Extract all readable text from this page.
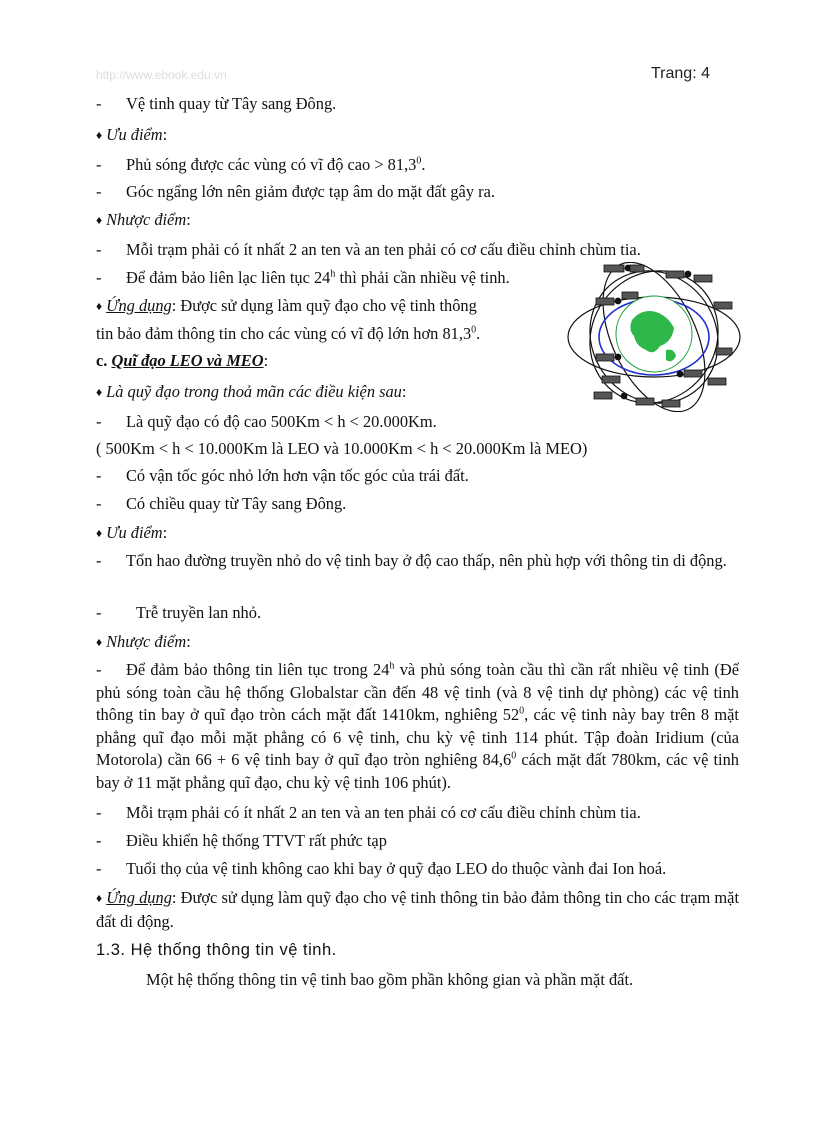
http://www.ebook.edu.vn	Trang: 4
- Vệ tinh quay từ Tây sang Đông.
♦ Ưu điểm:
- Phủ sóng được các vùng có vĩ độ cao > $81,3^0$.
- Góc ngẩng lớn nên giảm được tạp âm do mặt đất gây ra.
♦ Nhược điểm:
- Mỗi trạm phải có ít nhất 2 an ten và an ten phải có cơ cấu điều chỉnh chùm tia.
- Để đảm bảo liên lạc liên tục 24$^h$ thì phải cần nhiều vệ tinh.
♦ Ứng dụng: Được sử dụng làm quỹ đạo cho vệ tinh thông
tin bảo đảm thông tin cho các vùng có vĩ độ lớn hơn 81,3$^0$.
c. Quĩ đạo LEO và MEO:
♦ Là quỹ đạo trong thoả mãn các điều kiện sau:
- Là quỹ đạo có độ cao 500Km < h < 20.000Km.
( 500Km < h < 10.000Km là LEO và 10.000Km < h < 20.000Km là MEO)
- Có vận tốc góc nhỏ lớn hơn vận tốc góc của trái đất.
- Có chiều quay từ Tây sang Đông.
♦ Ưu điểm:

- Tổn hao đường truyền nhỏ do vệ tinh bay ở độ cao thấp, nên phù hợp với thông tin di động.

- Trễ truyền lan nhỏ.
♦ Nhược điểm:

- Để đảm bảo thông tin liên tục trong 24$^h$ và phủ sóng toàn cầu thì cần rất nhiều vệ tinh (Để phủ sóng toàn cầu hệ thống Globalstar cần đến 48 vệ tinh (và 8 vệ tinh dự phòng) các vệ tinh thông tin bay ở quĩ đạo tròn cách mặt đất 1410km, nghiêng $52^0$, các vệ tinh này bay trên 8 mặt phẳng quĩ đạo mỗi mặt phẳng có 6 vệ tinh, chu kỳ vệ tinh 114 phút. Tập đoàn Iridium (của Motorola) cần 66 + 6 vệ tinh bay ở quĩ đạo tròn nghiêng 84,6$^0$ cách mặt đất 780km, các vệ tinh bay ở 11 mặt phẳng quĩ đạo, chu kỳ vệ tinh 106 phút).

- Mỗi trạm phải có ít nhất 2 an ten và an ten phải có cơ cấu điều chỉnh chùm tia.
- Điều khiển hệ thống TTVT rất phức tạp
- Tuổi thọ của vệ tinh không cao khi bay ở quỹ đạo LEO do thuộc vành đai Ion hoá.

♦ Ứng dụng: Được sử dụng làm quỹ đạo cho vệ tinh thông tin bảo đảm thông tin cho các trạm mặt đất di động.

1.3. Hệ thống thông tin vệ tinh.
Một hệ thống thông tin vệ tinh bao gồm phần không gian và phần mặt đất.
